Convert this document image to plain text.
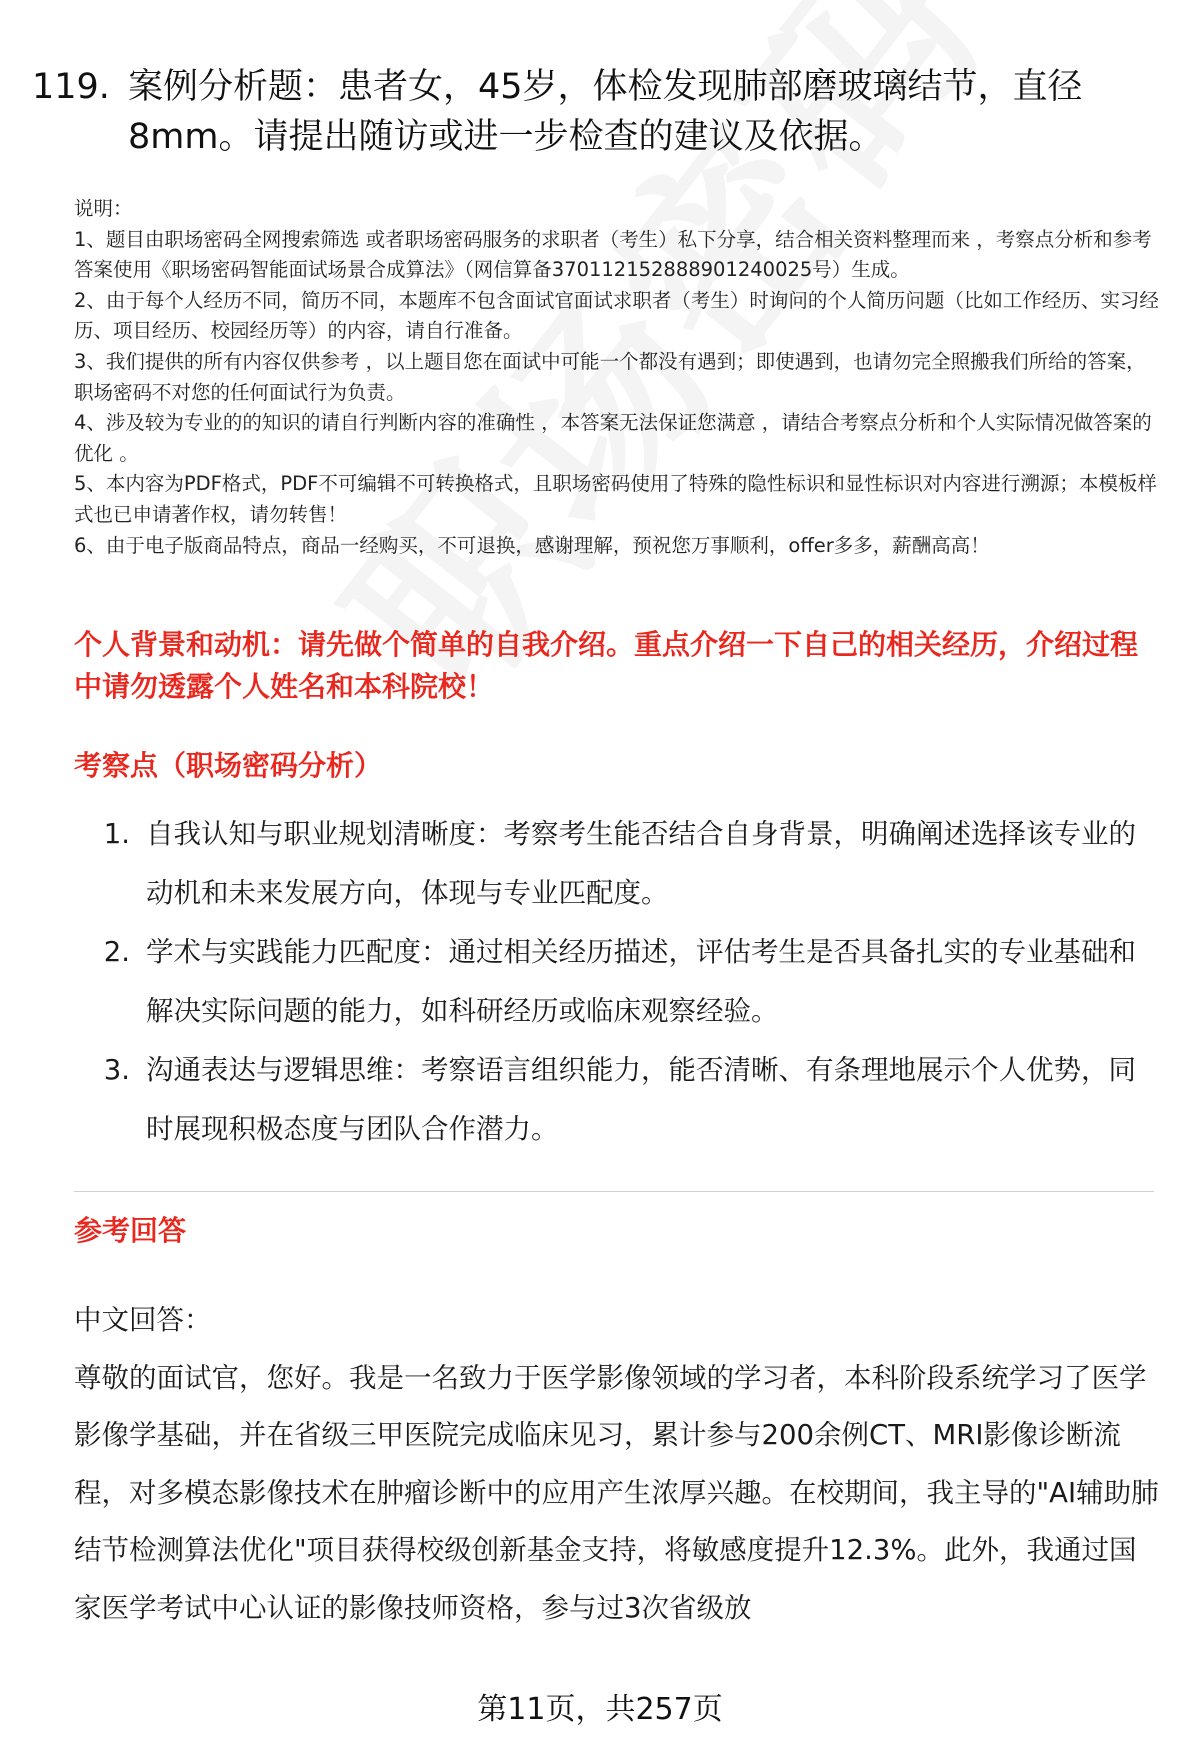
119. 案例分析题：患者女，45岁，体检发现肺部磨玻璃结节，直径8mm。请提出随访或进一步检查的建议及依据。

说明：

1、题目由职场密码全网搜索筛选 或者职场密码服务的求职者（考生）私下分享，结合相关资料整理而来 ，考察点分析和参考答案使用《职场密码智能面试场景合成算法》（网信算备370112152888901240025号）生成。

2、由于每个人经历不同，简历不同，本题库不包含面试官面试求职者（考生）时询问的个人简历问题（比如工作经历、实习经历、项目经历、校园经历等）的内容，请自行准备。

3、我们提供的所有内容仅供参考 ，以上题目您在面试中可能一个都没有遇到；即使遇到，也请勿完全照搬我们所给的答案，职场密码不对您的任何面试行为负责。

4、涉及较为专业的的知识的请自行判断内容的准确性 ，本答案无法保证您满意 ，请结合考察点分析和个人实际情况做答案的优化 。

5、本内容为PDF格式，PDF不可编辑不可转换格式，且职场密码使用了特殊的隐性标识和显性标识对内容进行溯源；本模板样式也已申请著作权，请勿转售！

6、由于电子版商品特点，商品一经购买，不可退换，感谢理解，预祝您万事顺利，offer多多，薪酬高高！

个人背景和动机：请先做个简单的自我介绍。重点介绍一下自己的相关经历，介绍过程中请勿透露个人姓名和本科院校！
考察点（职场密码分析）
1. 自我认知与职业规划清晰度：考察考生能否结合自身背景，明确阐述选择该专业的动机和未来发展方向，体现与专业匹配度。
2. 学术与实践能力匹配度：通过相关经历描述，评估考生是否具备扎实的专业基础和解决实际问题的能力，如科研经历或临床观察经验。
3. 沟通表达与逻辑思维：考察语言组织能力，能否清晰、有条理地展示个人优势，同时展现积极态度与团队合作潜力。
参考回答

中文回答：

尊敬的面试官，您好。我是一名致力于医学影像领域的学习者，本科阶段系统学习了医学影像学基础，并在省级三甲医院完成临床见习，累计参与200余例CT、MRI影像诊断流程，对多模态影像技术在肿瘤诊断中的应用产生浓厚兴趣。在校期间，我主导的"AI辅助肺结节检测算法优化"项目获得校级创新基金支持，将敏感度提升12.3%。此外，我通过国家医学考试中心认证的影像技师资格，参与过3次省级放

第11页，共257页
